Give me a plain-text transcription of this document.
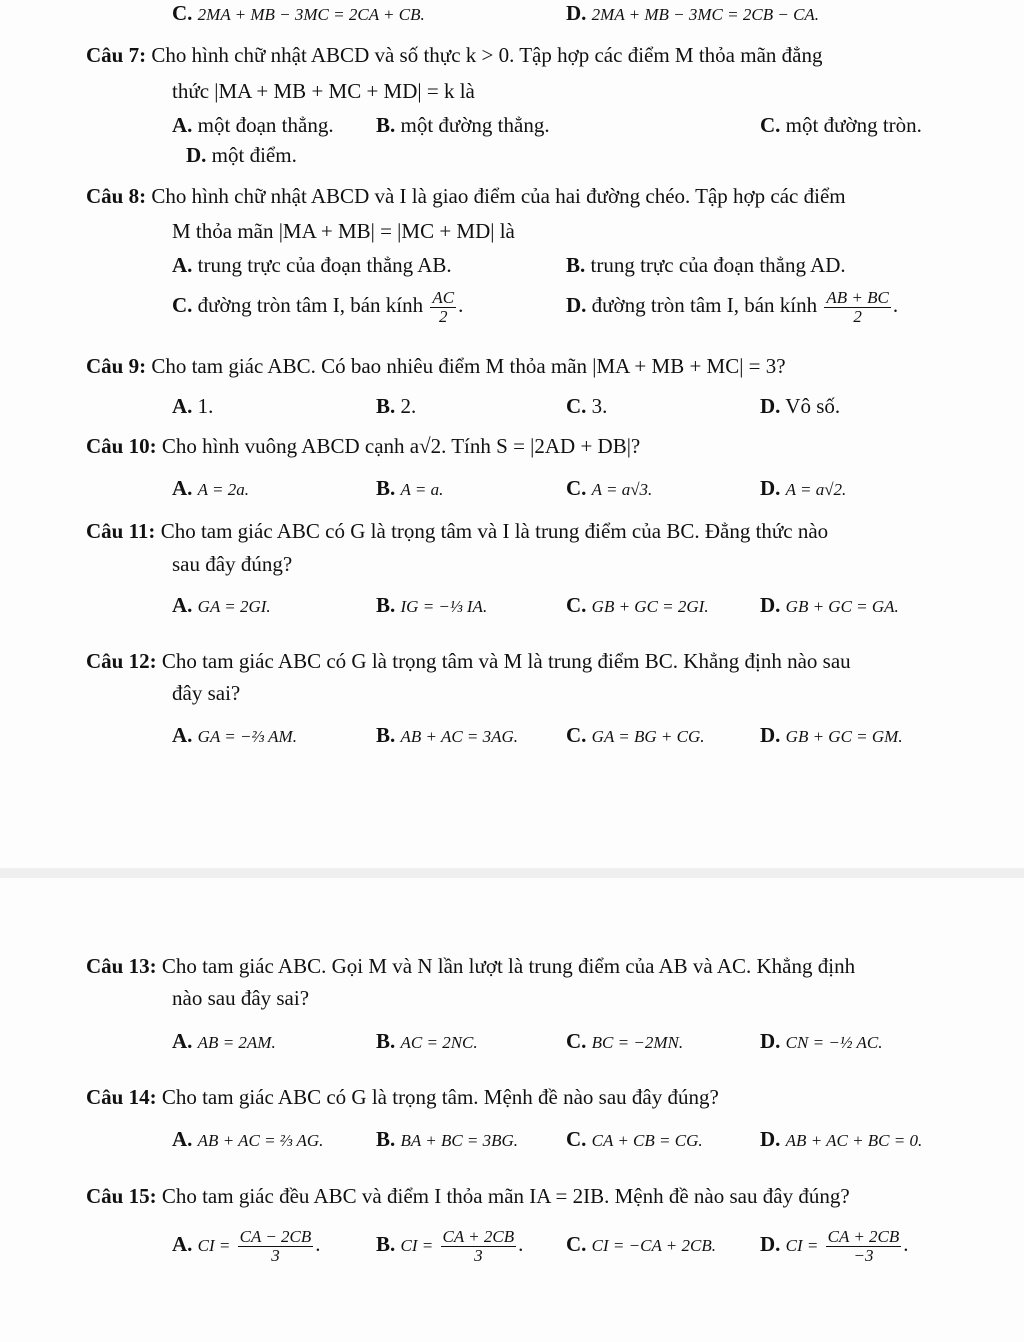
C. 2MA + MB − 3MC = 2CA + CB.	D. 2MA + MB − 3MC = 2CB − CA.
Câu 7: Cho hình chữ nhật ABCD và số thực k > 0. Tập hợp các điểm M thỏa mãn đẳng
thức |MA + MB + MC + MD| = k là
A. một đoạn thẳng. B. một đường thẳng.	C. một đường tròn.
D. một điểm.
Câu 8: Cho hình chữ nhật ABCD và I là giao điểm của hai đường chéo. Tập hợp các điểm
M thỏa mãn |MA + MB| = |MC + MD| là
A. trung trực của đoạn thẳng AB.	B. trung trực của đoạn thẳng AD.
C. đường tròn tâm I, bán kính $\frac{AC}{2}$ .	D. đường tròn tâm I, bán kính $\frac{AB + BC}{2}$ .
Câu 9: Cho tam giác ABC. Có bao nhiêu điểm M thỏa mãn |MA + MB + MC| = 3?
A. 1.	B. 2.	C. 3.	D. Vô số.
Câu 10: Cho hình vuông ABCD cạnh a√2. Tính S = |2AD + DB|?
A. A = 2a.	B. A = a.	C. A = a√3.	D. A = a√2.
Câu 11: Cho tam giác ABC có G là trọng tâm và I là trung điểm của BC. Đẳng thức nào
sau đây đúng?
A. GA = 2GI.	B. IG = −⅓ IA.	C. GB + GC = 2GI. D. GB + GC = GA.
Câu 12: Cho tam giác ABC có G là trọng tâm và M là trung điểm BC. Khẳng định nào sau
đây sai?
A. GA = −⅔ AM.	B. AB + AC = 3AG. C. GA = BG + CG.	D. GB + GC = GM.
Câu 13: Cho tam giác ABC. Gọi M và N lần lượt là trung điểm của AB và AC. Khẳng định
nào sau đây sai?
A. AB = 2AM.	B. AC = 2NC.	C. BC = −2MN.	D. CN = −½ AC.
Câu 14: Cho tam giác ABC có G là trọng tâm. Mệnh đề nào sau đây đúng?
A. AB + AC = ⅔ AG.	B. BA + BC = 3BG. C. CA + CB = CG.	D. AB + AC + BC = 0.
Câu 15: Cho tam giác đều ABC và điểm I thỏa mãn IA = 2IB. Mệnh đề nào sau đây đúng?
A. CI = $\frac{CA - 2CB}{3}$ .	B. CI = $\frac{CA + 2CB}{3}$ . C. CI = −CA + 2CB. D. CI = $\frac{CA + 2CB}{-3}$ .
